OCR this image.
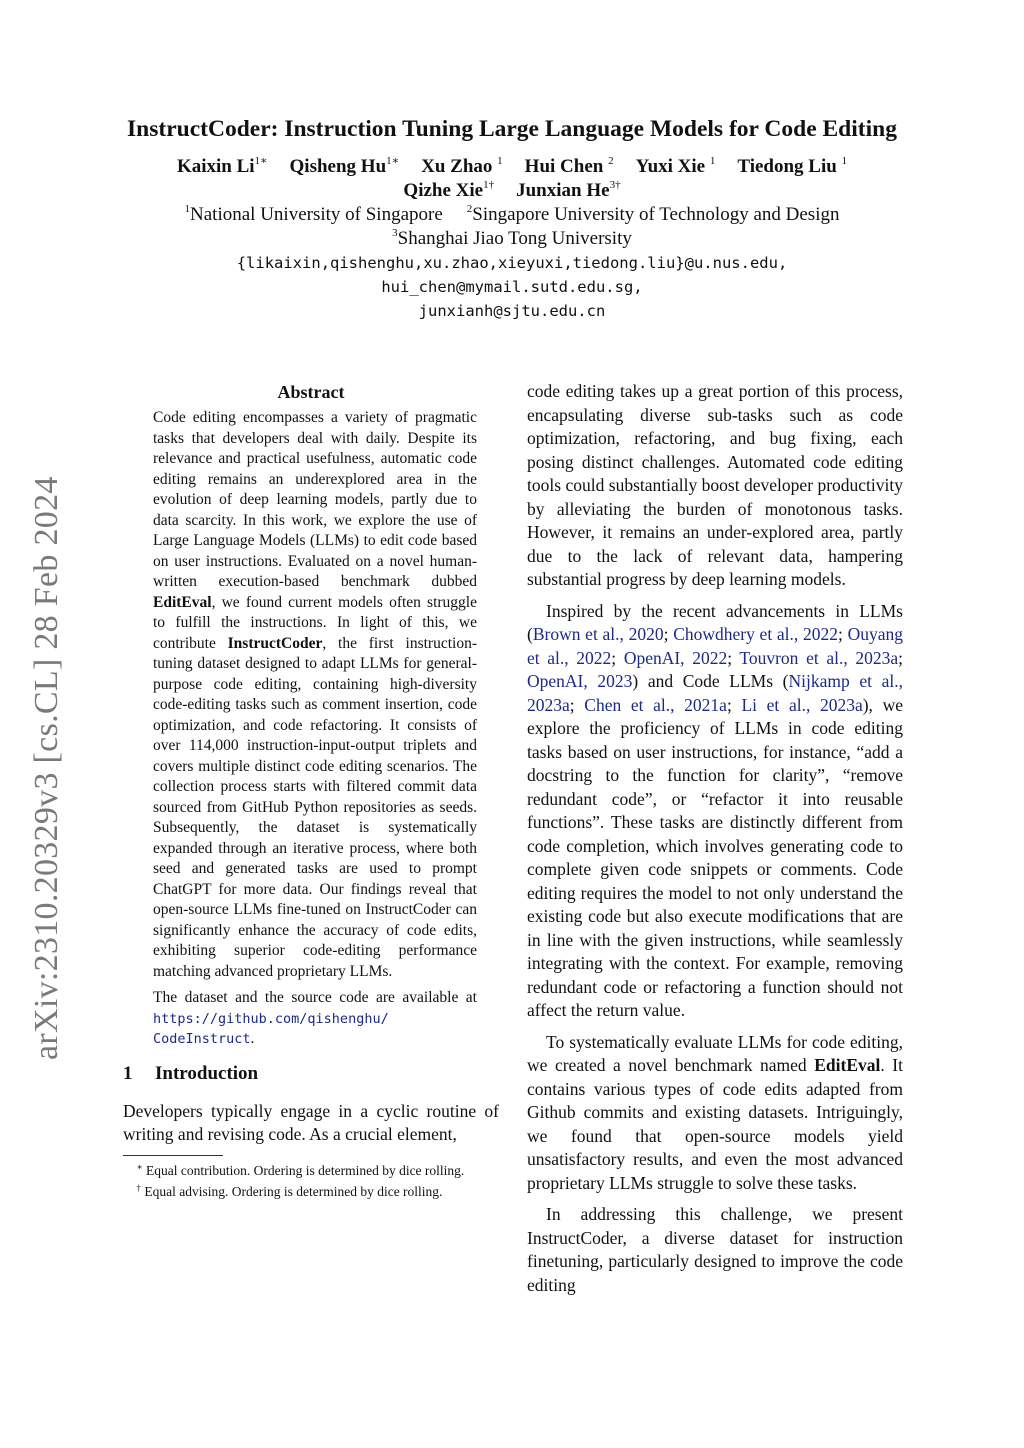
arXiv:2310.20329v3 [cs.CL] 28 Feb 2024
InstructCoder: Instruction Tuning Large Language Models for Code Editing
Kaixin $Li^{1∗}$ Qisheng $Hu^{1∗}$ Xu Zhao $^1$ Hui Chen $^2$ Yuxi Xie $^1$ Tiedong Liu $^1$
Qizhe Xie$^{1\dagger}$ Junxian $He^{3\dagger}$
$^1$National University of Singapore $^2$Singapore University of Technology and Design
$^3$Shanghai Jiao Tong University
{likaixin,qishenghu,xu.zhao,xieyuxi,tiedong.liu}@u.nus.edu,
hui_chen@mymail.sutd.edu.sg,
junxianh@sjtu.edu.cn
Abstract

Code editing encompasses a variety of pragmatic tasks that developers deal with daily. Despite its relevance and practical usefulness, automatic code editing remains an underexplored area in the evolution of deep learning models, partly due to data scarcity. In this work, we explore the use of Large Language Models (LLMs) to edit code based on user instructions. Evaluated on a novel human-written execution-based benchmark dubbed EditEval, we found current models often struggle to fulfill the instructions. In light of this, we contribute InstructCoder, the first instruction-tuning dataset designed to adapt LLMs for general-purpose code editing, containing high-diversity code-editing tasks such as comment insertion, code optimization, and code refactoring. It consists of over 114,000 instruction-input-output triplets and covers multiple distinct code editing scenarios. The collection process starts with filtered commit data sourced from GitHub Python repositories as seeds. Subsequently, the dataset is systematically expanded through an iterative process, where both seed and generated tasks are used to prompt ChatGPT for more data. Our findings reveal that open-source LLMs fine-tuned on InstructCoder can significantly enhance the accuracy of code edits, exhibiting superior code-editing performance matching advanced proprietary LLMs.

The dataset and the source code are available at https://github.com/qishenghu/ CodeInstruct.

1 Introduction

Developers typically engage in a cyclic routine of writing and revising code. As a crucial element,

∗ Equal contribution. Ordering is determined by dice rolling.

† Equal advising. Ordering is determined by dice rolling.

code editing takes up a great portion of this process, encapsulating diverse sub-tasks such as code optimization, refactoring, and bug fixing, each posing distinct challenges. Automated code editing tools could substantially boost developer productivity by alleviating the burden of monotonous tasks. However, it remains an under-explored area, partly due to the lack of relevant data, hampering substantial progress by deep learning models.

Inspired by the recent advancements in LLMs (Brown et al., 2020; Chowdhery et al., 2022; Ouyang et al., 2022; OpenAI, 2022; Touvron et al., 2023a; OpenAI, 2023) and Code LLMs (Nijkamp et al., 2023a; Chen et al., 2021a; Li et al., 2023a), we explore the proficiency of LLMs in code editing tasks based on user instructions, for instance, “add a docstring to the function for clarity”, “remove redundant code”, or “refactor it into reusable functions”. These tasks are distinctly different from code completion, which involves generating code to complete given code snippets or comments. Code editing requires the model to not only understand the existing code but also execute modifications that are in line with the given instructions, while seamlessly integrating with the context. For example, removing redundant code or refactoring a function should not affect the return value.

To systematically evaluate LLMs for code editing, we created a novel benchmark named EditEval. It contains various types of code edits adapted from Github commits and existing datasets. Intriguingly, we found that open-source models yield unsatisfactory results, and even the most advanced proprietary LLMs struggle to solve these tasks.

In addressing this challenge, we present InstructCoder, a diverse dataset for instruction finetuning, particularly designed to improve the code editing
